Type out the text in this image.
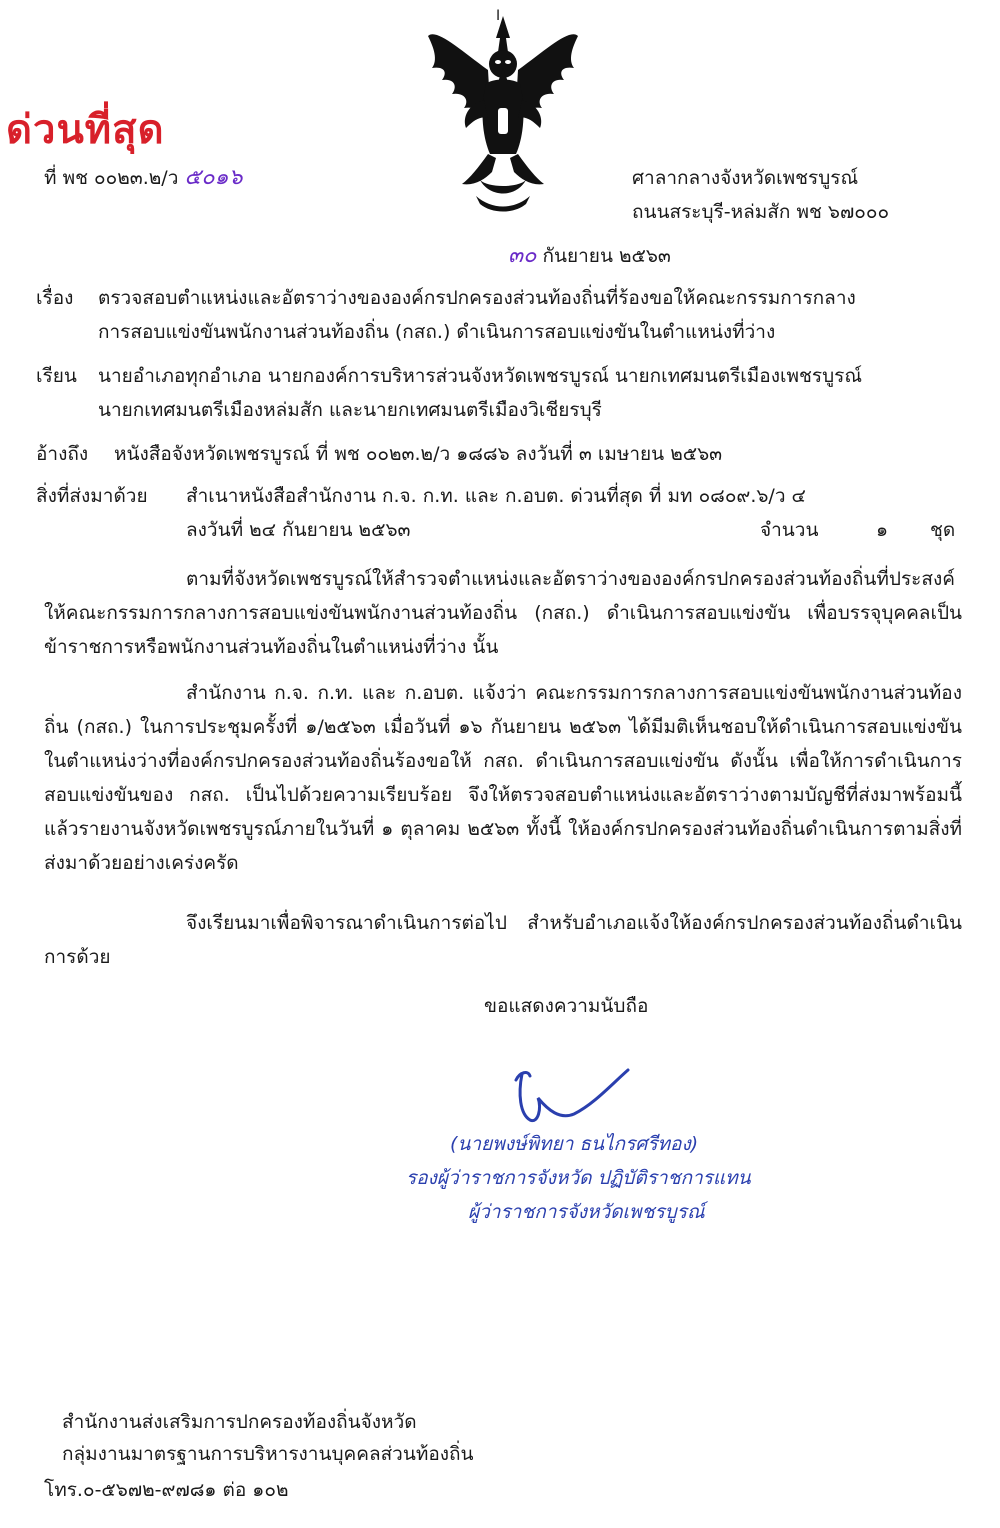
I
ด่วนที่สุด
ที่ พช ๐๐๒๓.๒/ว ๕๐๑๖	ศาลากลางจังหวัดเพชรบูรณ์
ถนนสระบุรี-หล่มสัก พช ๖๗๐๐๐
๓๐ กันยายน ๒๕๖๓
เรื่อง ตรวจสอบตำแหน่งและอัตราว่างขององค์กรปกครองส่วนท้องถิ่นที่ร้องขอให้คณะกรรมการกลาง
การสอบแข่งขันพนักงานส่วนท้องถิ่น (กสถ.) ดำเนินการสอบแข่งขันในตำแหน่งที่ว่าง
เรียน นายอำเภอทุกอำเภอ นายกองค์การบริหารส่วนจังหวัดเพชรบูรณ์ นายกเทศมนตรีเมืองเพชรบูรณ์
นายกเทศมนตรีเมืองหล่มสัก และนายกเทศมนตรีเมืองวิเชียรบุรี
อ้างถึง หนังสือจังหวัดเพชรบูรณ์ ที่ พช ๐๐๒๓.๒/ว ๑๘๘๖ ลงวันที่ ๓ เมษายน ๒๕๖๓
สิ่งที่ส่งมาด้วย สำเนาหนังสือสำนักงาน ก.จ. ก.ท. และ ก.อบต. ด่วนที่สุด ที่ มท ๐๘๐๙.๖/ว ๔
ลงวันที่ ๒๔ กันยายน ๒๕๖๓	จำนวน	๑ ชุด
ตามที่จังหวัดเพชรบูรณ์ให้สำรวจตำแหน่งและอัตราว่างขององค์กรปกครองส่วนท้องถิ่นที่ประสงค์ให้คณะกรรมการกลางการสอบแข่งขันพนักงานส่วนท้องถิ่น (กสถ.) ดำเนินการสอบแข่งขัน เพื่อบรรจุบุคคลเป็นข้าราชการหรือพนักงานส่วนท้องถิ่นในตำแหน่งที่ว่าง นั้น
สำนักงาน ก.จ. ก.ท. และ ก.อบต. แจ้งว่า คณะกรรมการกลางการสอบแข่งขันพนักงานส่วนท้องถิ่น (กสถ.) ในการประชุมครั้งที่ ๑/๒๕๖๓ เมื่อวันที่ ๑๖ กันยายน ๒๕๖๓ ได้มีมติเห็นชอบให้ดำเนินการสอบแข่งขันในตำแหน่งว่างที่องค์กรปกครองส่วนท้องถิ่นร้องขอให้ กสถ. ดำเนินการสอบแข่งขัน ดังนั้น เพื่อให้การดำเนินการสอบแข่งขันของ กสถ. เป็นไปด้วยความเรียบร้อย จึงให้ตรวจสอบตำแหน่งและอัตราว่างตามบัญชีที่ส่งมาพร้อมนี้ แล้วรายงานจังหวัดเพชรบูรณ์ภายในวันที่ ๑ ตุลาคม ๒๕๖๓ ทั้งนี้ ให้องค์กรปกครองส่วนท้องถิ่นดำเนินการตามสิ่งที่ส่งมาด้วยอย่างเคร่งครัด
จึงเรียนมาเพื่อพิจารณาดำเนินการต่อไป สำหรับอำเภอแจ้งให้องค์กรปกครองส่วนท้องถิ่นดำเนินการด้วย
ขอแสดงความนับถือ
(นายพงษ์พิทยา ธนไกรศรีทอง)
รองผู้ว่าราชการจังหวัด ปฏิบัติราชการแทน
ผู้ว่าราชการจังหวัดเพชรบูรณ์
สำนักงานส่งเสริมการปกครองท้องถิ่นจังหวัด
กลุ่มงานมาตรฐานการบริหารงานบุคคลส่วนท้องถิ่น
โทร.๐-๕๖๗๒-๙๗๘๑ ต่อ ๑๐๒
